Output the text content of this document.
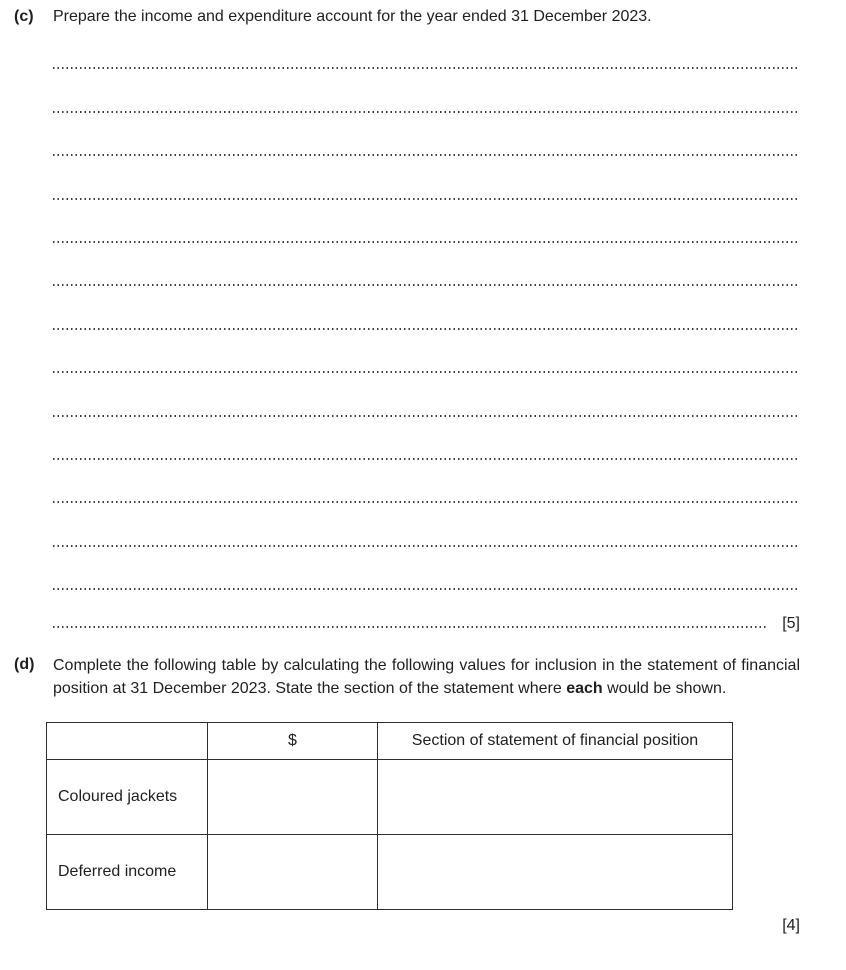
(c)	Prepare the income and expenditure account for the year ended 31 December 2023.
[5]
(d)	Complete the following table by calculating the following values for inclusion in the statement of financial position at 31 December 2023. State the section of the statement where each would be shown.
	$	Section of statement of financial position
Coloured jackets		
Deferred income		
[4]
